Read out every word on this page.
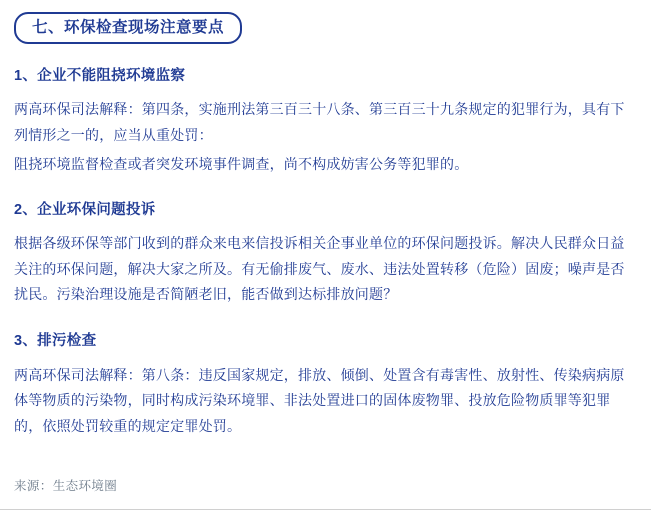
七、环保检查现场注意要点
1、企业不能阻挠环境监察

两高环保司法解释：第四条，实施刑法第三百三十八条、第三百三十九条规定的犯罪行为，具有下列情形之一的，应当从重处罚：

阻挠环境监督检查或者突发环境事件调查，尚不构成妨害公务等犯罪的。

2、企业环保问题投诉

根据各级环保等部门收到的群众来电来信投诉相关企事业单位的环保问题投诉。解决人民群众日益关注的环保问题，解决大家之所及。有无偷排废气、废水、违法处置转移（危险）固废；噪声是否扰民。污染治理设施是否简陋老旧，能否做到达标排放问题？

3、排污检查

两高环保司法解释：第八条：违反国家规定，排放、倾倒、处置含有毒害性、放射性、传染病病原体等物质的污染物，同时构成污染环境罪、非法处置进口的固体废物罪、投放危险物质罪等犯罪的，依照处罚较重的规定定罪处罚。

来源：生态环境圈
